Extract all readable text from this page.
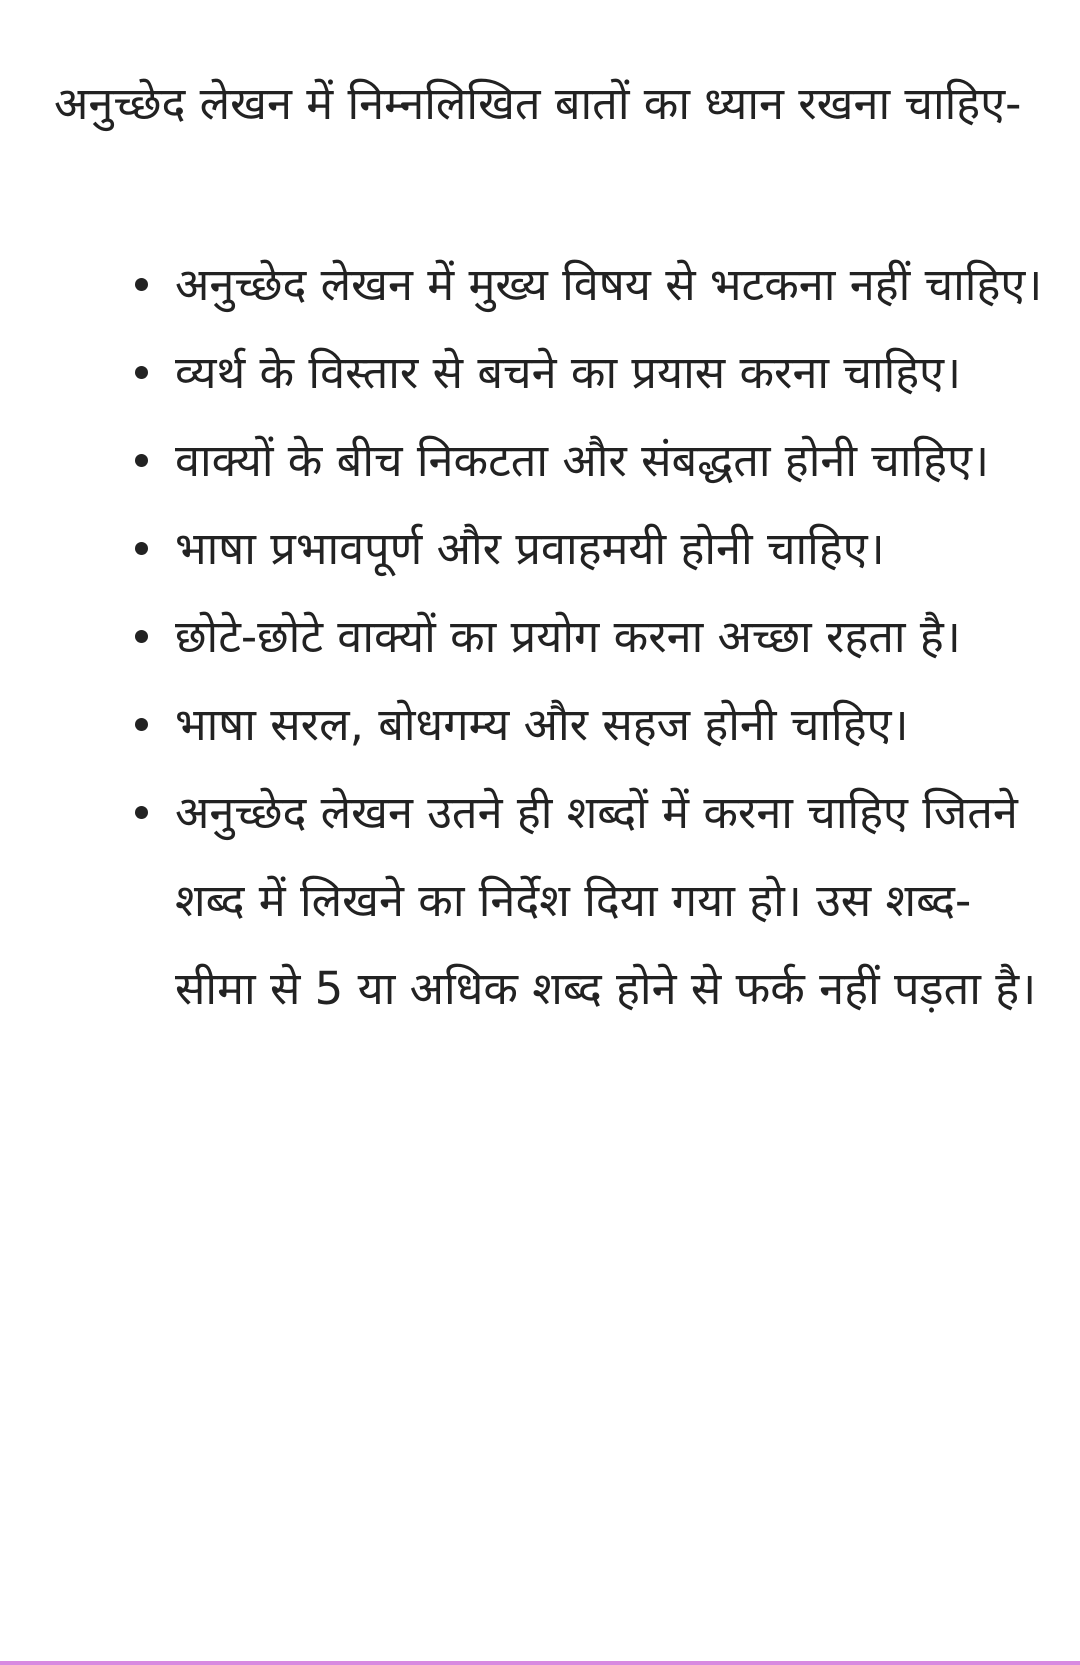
अनुच्छेद लेखन में निम्नलिखित बातों का ध्यान रखना चाहिए-

अनुच्छेद लेखन में मुख्य विषय से भटकना नहीं चाहिए।
व्यर्थ के विस्तार से बचने का प्रयास करना चाहिए।
वाक्यों के बीच निकटता और संबद्धता होनी चाहिए।
भाषा प्रभावपूर्ण और प्रवाहमयी होनी चाहिए।
छोटे-छोटे वाक्यों का प्रयोग करना अच्छा रहता है।
भाषा सरल, बोधगम्य और सहज होनी चाहिए।
अनुच्छेद लेखन उतने ही शब्दों में करना चाहिए जितने शब्द में लिखने का निर्देश दिया गया हो। उस शब्द-सीमा से 5 या अधिक शब्द होने से फर्क नहीं पड़ता है।
